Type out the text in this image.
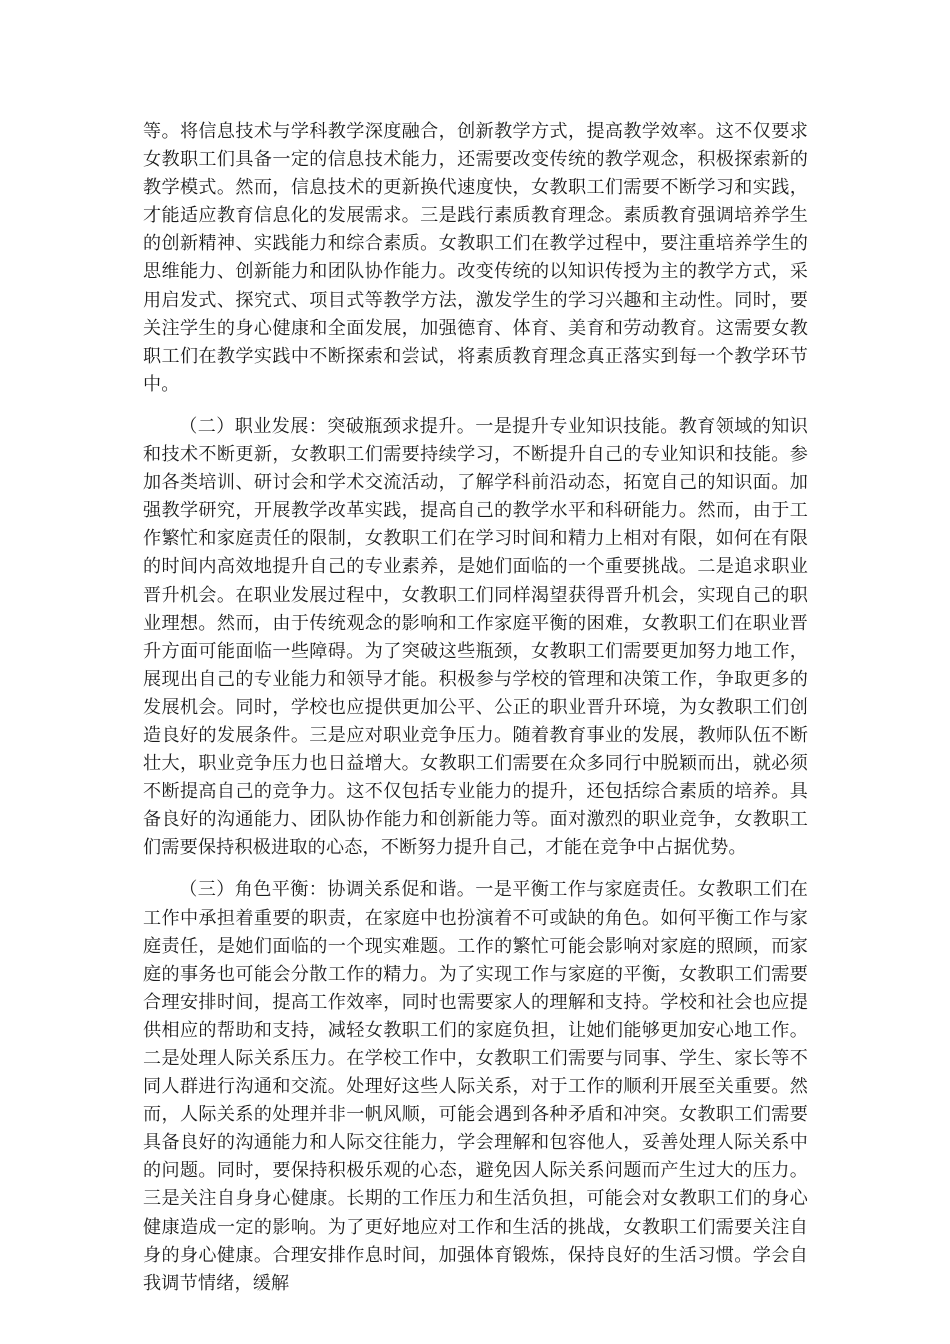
等。将信息技术与学科教学深度融合，创新教学方式，提高教学效率。这不仅要求女教职工们具备一定的信息技术能力，还需要改变传统的教学观念，积极探索新的教学模式。然而，信息技术的更新换代速度快，女教职工们需要不断学习和实践，才能适应教育信息化的发展需求。三是践行素质教育理念。素质教育强调培养学生的创新精神、实践能力和综合素质。女教职工们在教学过程中，要注重培养学生的思维能力、创新能力和团队协作能力。改变传统的以知识传授为主的教学方式，采用启发式、探究式、项目式等教学方法，激发学生的学习兴趣和主动性。同时，要关注学生的身心健康和全面发展，加强德育、体育、美育和劳动教育。这需要女教职工们在教学实践中不断探索和尝试，将素质教育理念真正落实到每一个教学环节中。

（二）职业发展：突破瓶颈求提升。一是提升专业知识技能。教育领域的知识和技术不断更新，女教职工们需要持续学习，不断提升自己的专业知识和技能。参加各类培训、研讨会和学术交流活动，了解学科前沿动态，拓宽自己的知识面。加强教学研究，开展教学改革实践，提高自己的教学水平和科研能力。然而，由于工作繁忙和家庭责任的限制，女教职工们在学习时间和精力上相对有限，如何在有限的时间内高效地提升自己的专业素养，是她们面临的一个重要挑战。二是追求职业晋升机会。在职业发展过程中，女教职工们同样渴望获得晋升机会，实现自己的职业理想。然而，由于传统观念的影响和工作家庭平衡的困难，女教职工们在职业晋升方面可能面临一些障碍。为了突破这些瓶颈，女教职工们需要更加努力地工作，展现出自己的专业能力和领导才能。积极参与学校的管理和决策工作，争取更多的发展机会。同时，学校也应提供更加公平、公正的职业晋升环境，为女教职工们创造良好的发展条件。三是应对职业竞争压力。随着教育事业的发展，教师队伍不断壮大，职业竞争压力也日益增大。女教职工们需要在众多同行中脱颖而出，就必须不断提高自己的竞争力。这不仅包括专业能力的提升，还包括综合素质的培养。具备良好的沟通能力、团队协作能力和创新能力等。面对激烈的职业竞争，女教职工们需要保持积极进取的心态，不断努力提升自己，才能在竞争中占据优势。

（三）角色平衡：协调关系促和谐。一是平衡工作与家庭责任。女教职工们在工作中承担着重要的职责，在家庭中也扮演着不可或缺的角色。如何平衡工作与家庭责任，是她们面临的一个现实难题。工作的繁忙可能会影响对家庭的照顾，而家庭的事务也可能会分散工作的精力。为了实现工作与家庭的平衡，女教职工们需要合理安排时间，提高工作效率，同时也需要家人的理解和支持。学校和社会也应提供相应的帮助和支持，减轻女教职工们的家庭负担，让她们能够更加安心地工作。二是处理人际关系压力。在学校工作中，女教职工们需要与同事、学生、家长等不同人群进行沟通和交流。处理好这些人际关系，对于工作的顺利开展至关重要。然而，人际关系的处理并非一帆风顺，可能会遇到各种矛盾和冲突。女教职工们需要具备良好的沟通能力和人际交往能力，学会理解和包容他人，妥善处理人际关系中的问题。同时，要保持积极乐观的心态，避免因人际关系问题而产生过大的压力。三是关注自身身心健康。长期的工作压力和生活负担，可能会对女教职工们的身心健康造成一定的影响。为了更好地应对工作和生活的挑战，女教职工们需要关注自身的身心健康。合理安排作息时间，加强体育锻炼，保持良好的生活习惯。学会自我调节情绪，缓解
